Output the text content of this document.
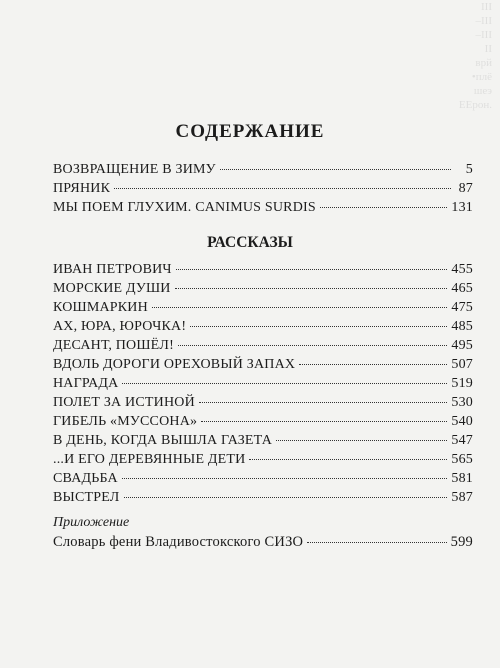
III
–III
–III
II
врй
•плё
шеэ
ЕЕрон.
СОДЕРЖАНИЕ
ВОЗВРАЩЕНИЕ В ЗИМУ	5
ПРЯНИК	87
МЫ ПОЕМ ГЛУХИМ. CANIMUS SURDIS	131
РАССКАЗЫ
ИВАН ПЕТРОВИЧ	455
МОРСКИЕ ДУШИ	465
КОШМАРКИН	475
АХ, ЮРА, ЮРОЧКА!	485
ДЕСАНТ, ПОШЁЛ!	495
ВДОЛЬ ДОРОГИ ОРЕХОВЫЙ ЗАПАХ	507
НАГРАДА	519
ПОЛЕТ ЗА ИСТИНОЙ	530
ГИБЕЛЬ «МУССОНА»	540
В ДЕНЬ, КОГДА ВЫШЛА ГАЗЕТА	547
...И ЕГО ДЕРЕВЯННЫЕ ДЕТИ	565
СВАДЬБА	581
ВЫСТРЕЛ	587
Приложение
Словарь фени Владивостокского СИЗО	599
